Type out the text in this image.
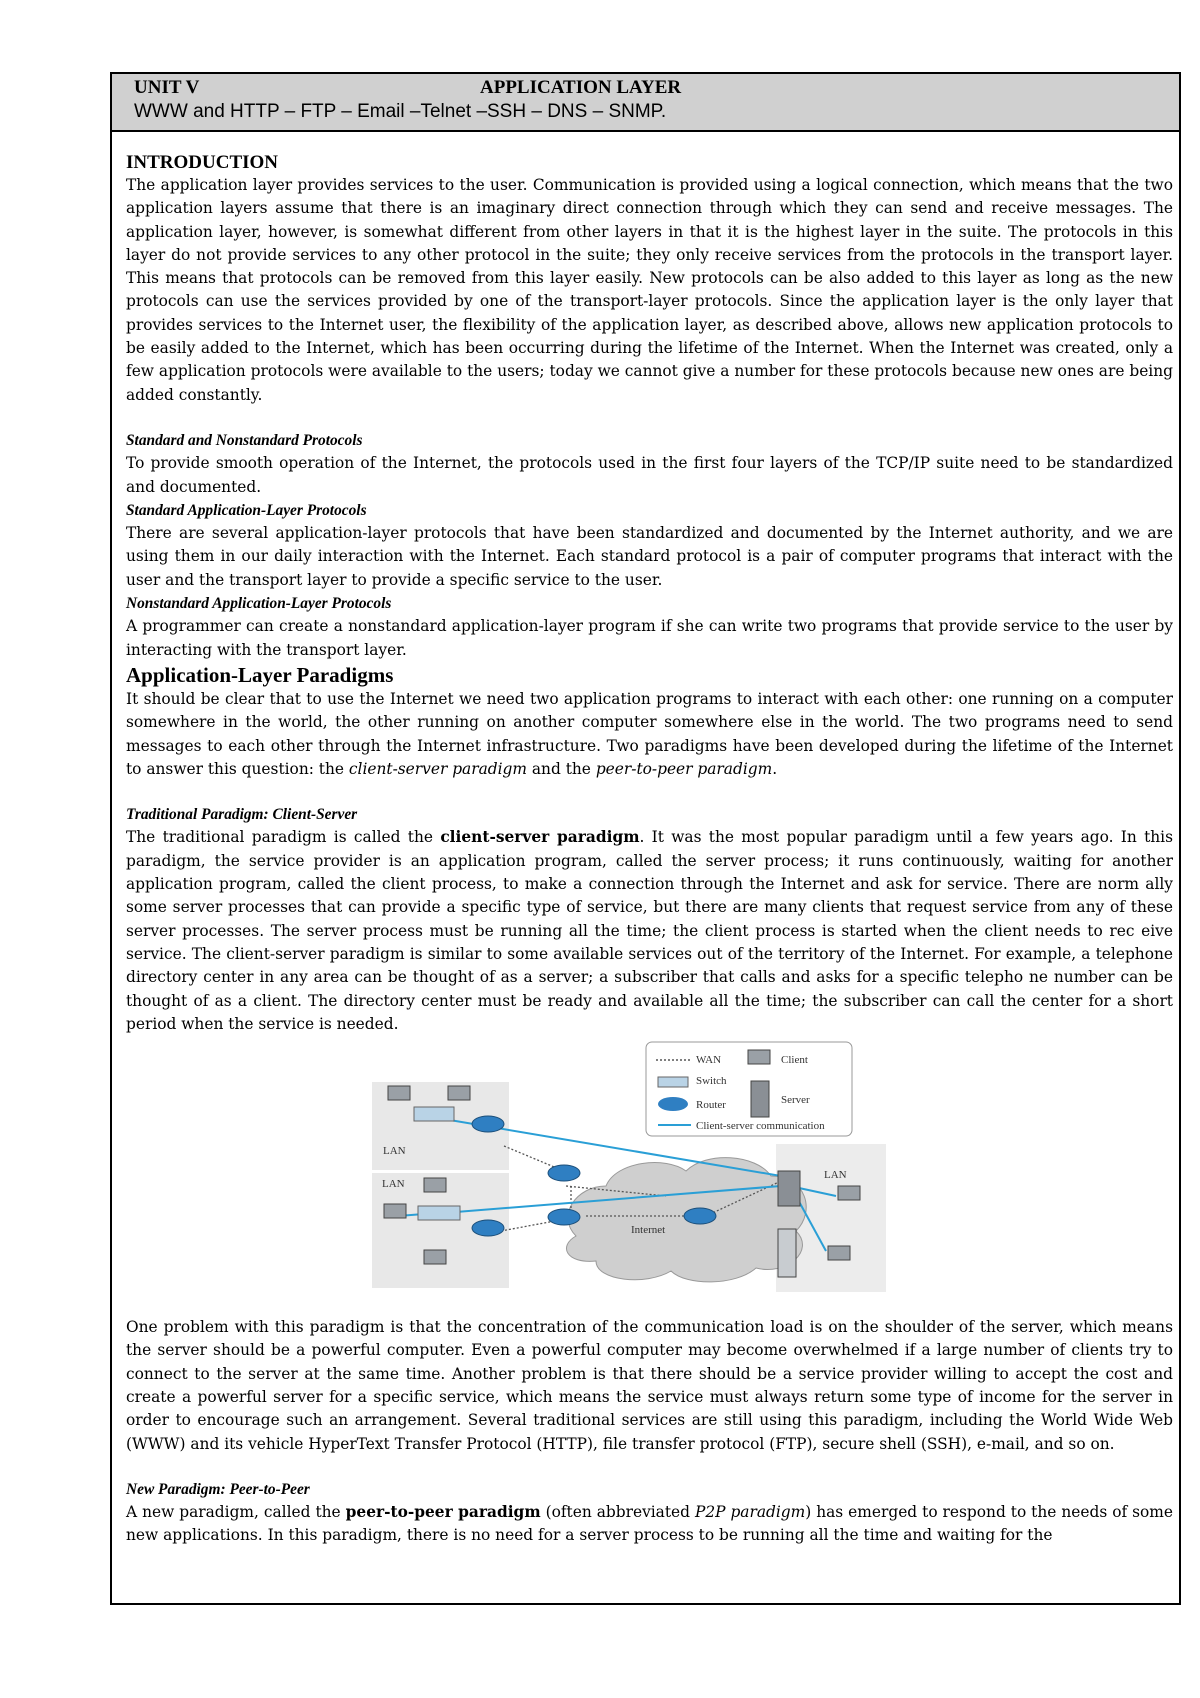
UNIT V	APPLICATION LAYER
WWW and HTTP – FTP – Email –Telnet –SSH – DNS – SNMP.

INTRODUCTION

The application layer provides services to the user. Communication is provided using a logical connection, which means that the two application layers assume that there is an imaginary direct connection through which they can send and receive messages. The application layer, however, is somewhat different from other layers in that it is the highest layer in the suite. The protocols in this layer do not provide services to any other protocol in the suite; they only receive services from the protocols in the transport layer. This means that protocols can be removed from this layer easily. New protocols can be also added to this layer as long as the new protocols can use the services provided by one of the transport-layer protocols. Since the application layer is the only layer that provides services to the Internet user, the flexibility of the application layer, as described above, allows new application protocols to be easily added to the Internet, which has been occurring during the lifetime of the Internet. When the Internet was created, only a few application protocols were available to the users; today we cannot give a number for these protocols because new ones are being added constantly.

Standard and Nonstandard Protocols

To provide smooth operation of the Internet, the protocols used in the first four layers of the TCP/IP suite need to be standardized and documented.

Standard Application-Layer Protocols

There are several application-layer protocols that have been standardized and documented by the Internet authority, and we are using them in our daily interaction with the Internet. Each standard protocol is a pair of computer programs that interact with the user and the transport layer to provide a specific service to the user.

Nonstandard Application-Layer Protocols

A programmer can create a nonstandard application-layer program if she can write two programs that provide service to the user by interacting with the transport layer.

Application-Layer Paradigms

It should be clear that to use the Internet we need two application programs to interact with each other: one running on a computer somewhere in the world, the other running on another computer somewhere else in the world. The two programs need to send messages to each other through the Internet infrastructure. Two paradigms have been developed during the lifetime of the Internet to answer this question: the client-server paradigm and the peer-to-peer paradigm.

Traditional Paradigm: Client-Server

The traditional paradigm is called the client-server paradigm. It was the most popular paradigm until a few years ago. In this paradigm, the service provider is an application program, called the server process; it runs continuously, waiting for another application program, called the client process, to make a connection through the Internet and ask for service. There are norm ally some server processes that can provide a specific type of service, but there are many clients that request service from any of these server processes. The server process must be running all the time; the client process is started when the client needs to rec eive service. The client-server paradigm is similar to some available services out of the territory of the Internet. For example, a telephone directory center in any area can be thought of as a server; a subscriber that calls and asks for a specific telepho ne number can be thought of as a client. The directory center must be ready and available all the time; the subscriber can call the center for a short period when the service is needed.

Internet
LAN
LAN
LAN
WAN
Switch
Router
Client-server communication
Client
Server

One problem with this paradigm is that the concentration of the communication load is on the shoulder of the server, which means the server should be a powerful computer. Even a powerful computer may become overwhelmed if a large number of clients try to connect to the server at the same time. Another problem is that there should be a service provider willing to accept the cost and create a powerful server for a specific service, which means the service must always return some type of income for the server in order to encourage such an arrangement. Several traditional services are still using this paradigm, including the World Wide Web (WWW) and its vehicle HyperText Transfer Protocol (HTTP), file transfer protocol (FTP), secure shell (SSH), e-mail, and so on.

New Paradigm: Peer-to-Peer

A new paradigm, called the peer-to-peer paradigm (often abbreviated P2P paradigm) has emerged to respond to the needs of some new applications. In this paradigm, there is no need for a server process to be running all the time and waiting for the
